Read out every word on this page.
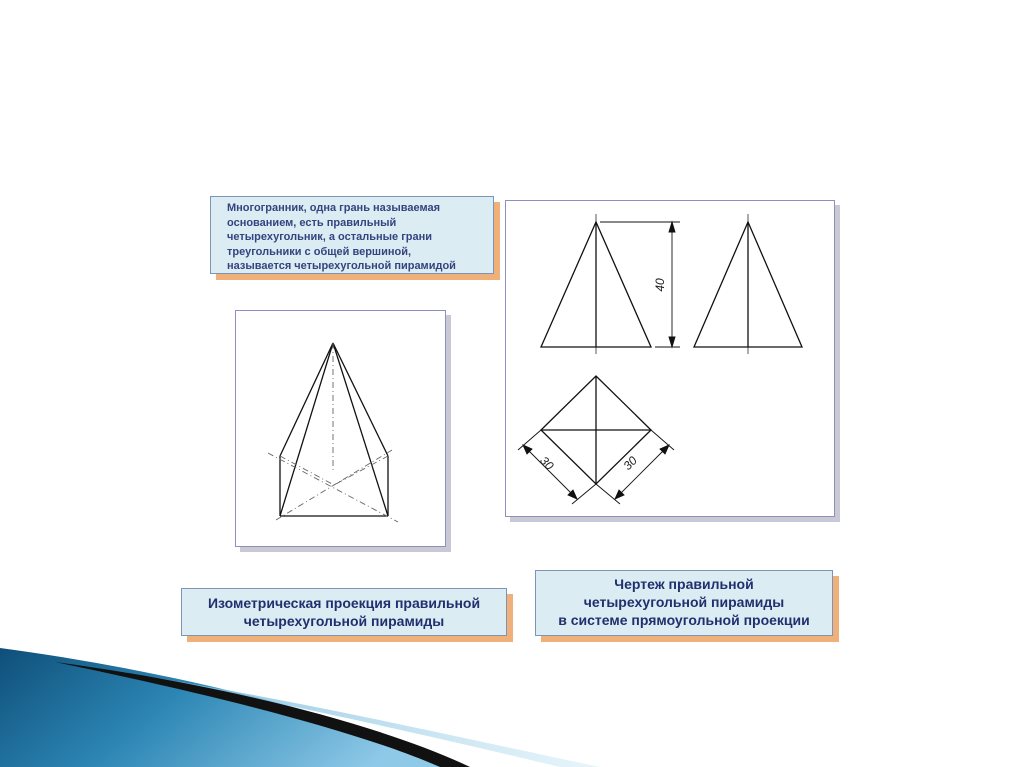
Многогранник, одна грань называемая
основанием, есть правильный
четырехугольник, а остальные грани
треугольники с общей вершиной,
называется четырехугольной пирамидой
40
30	30
Изометрическая проекция правильной
четырехугольной пирамиды
Чертеж правильной
четырехугольной пирамиды
в системе прямоугольной проекции
